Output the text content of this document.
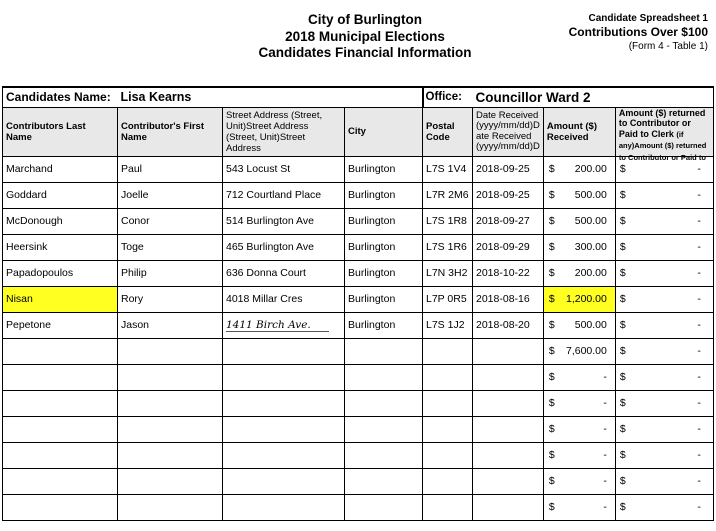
City of Burlington
2018 Municipal Elections
Candidates Financial Information
Candidate Spreadsheet 1
Contributions Over $100
(Form 4 - Table 1)
Candidates Name:	Lisa Kearns			Office:	Councillor Ward 2		
Contributors Last Name	Contributor's First Name	Street Address (Street, Unit)Street Address (Street, Unit)Street Address	City	Postal Code	Date Received (yyyy/mm/dd)D ate Received (yyyy/mm/dd)D	Amount ($) Received	Amount ($) returned to Contributor or Paid to Clerk (if any)Amount ($) returned to Contributor or Paid to

Marchand	Paul	543 Locust St	Burlington	L7S 1V4	2018-09-25	$ 200.00	$ -

Goddard	Joelle	712 Courtland Place	Burlington	L7R 2M6	2018-09-25	$ 500.00	$ -

McDonough	Conor	514 Burlington Ave	Burlington	L7S 1R8	2018-09-27	$ 500.00	$ -

Heersink	Toge	465 Burlington Ave	Burlington	L7S 1R6	2018-09-29	$ 300.00	$ -

Papadopoulos	Philip	636 Donna Court	Burlington	L7N 3H2	2018-10-22	$ 200.00	$ -

Nisan	Rory	4018 Millar Cres	Burlington	L7P 0R5	2018-08-16	$ 1,200.00	$ -

Pepetone	Jason	1411 Birch Ave.	Burlington	L7S 1J2	2018-08-20	$ 500.00	$ -

						$ 7,600.00	$ -

						$ -	$ -

						$ -	$ -

						$ -	$ -

						$ -	$ -

						$ -	$ -

						$ -	$ -
